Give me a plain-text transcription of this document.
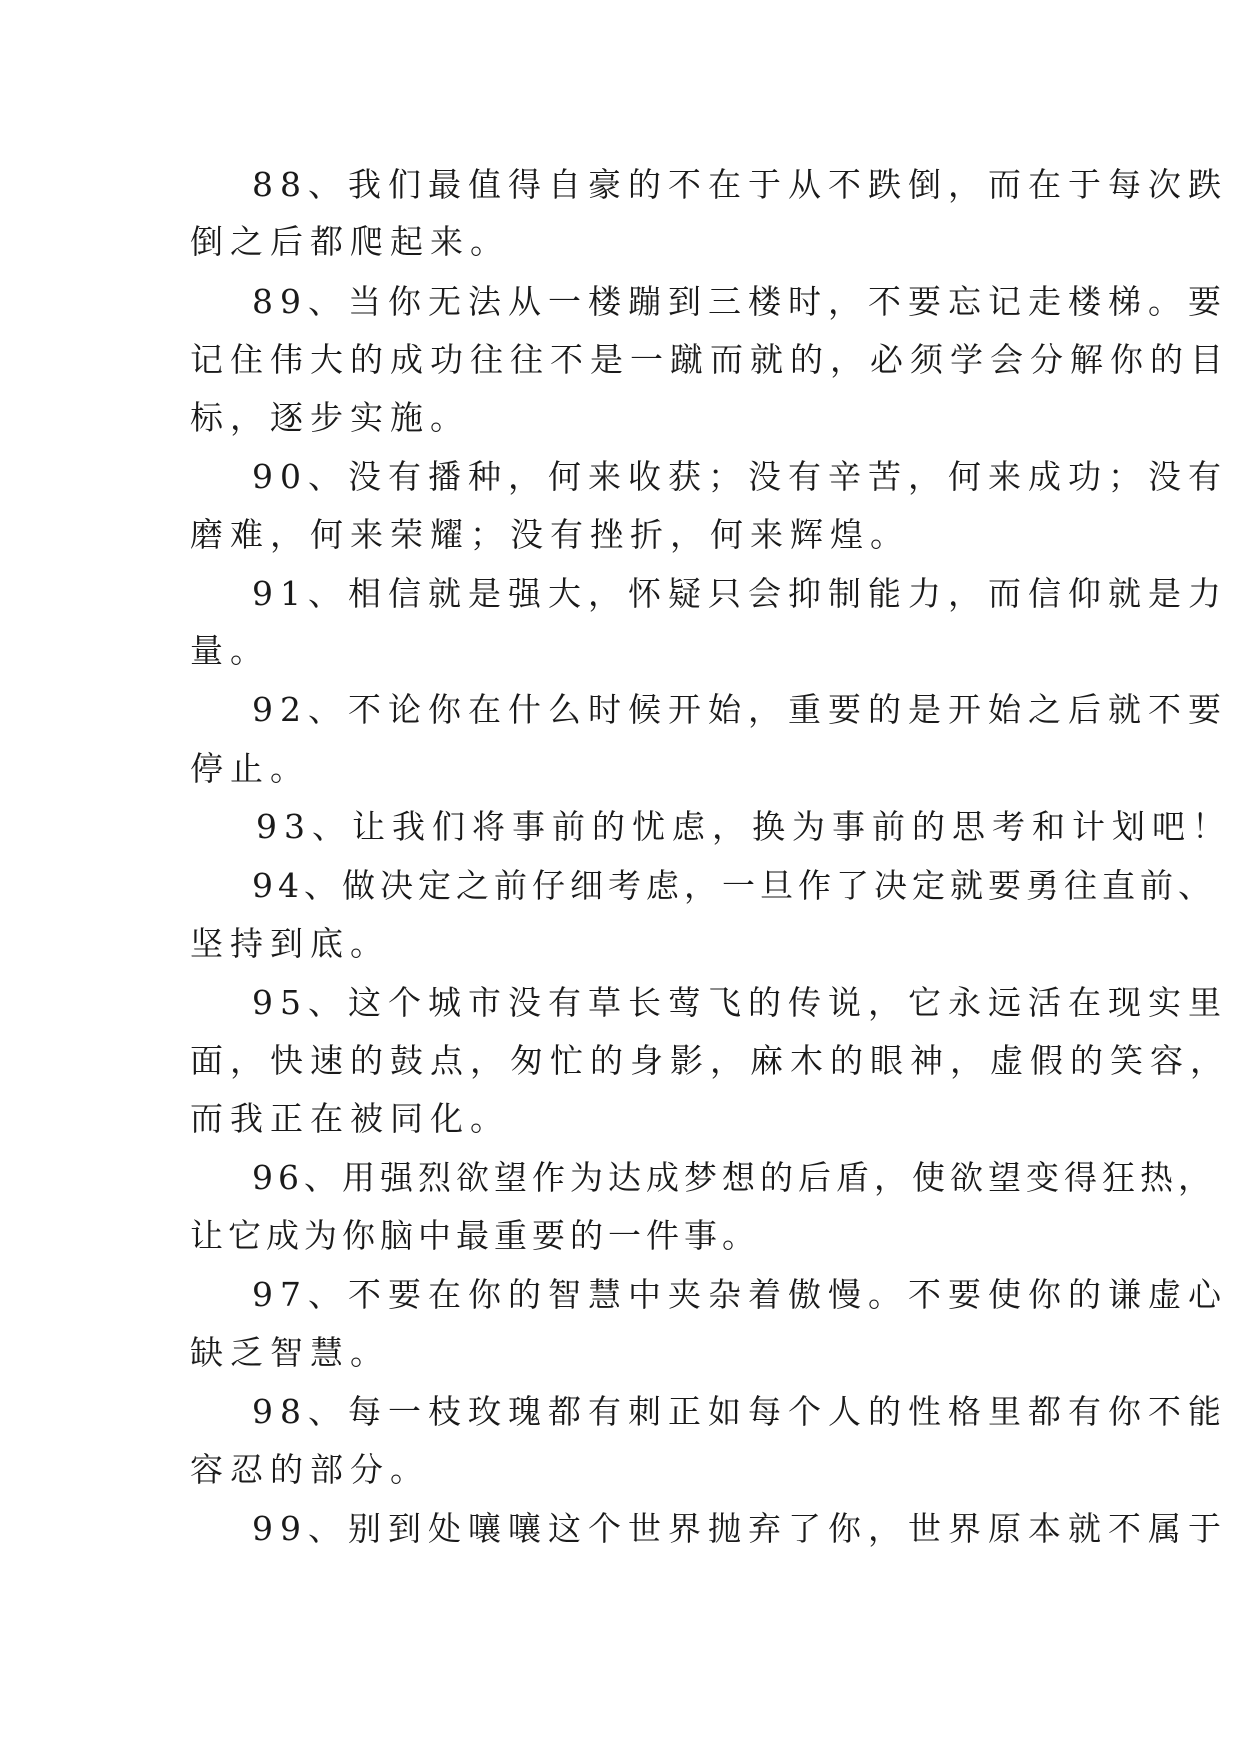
88、我们最值得自豪的不在于从不跌倒，而在于每次跌
倒之后都爬起来。
89、当你无法从一楼蹦到三楼时，不要忘记走楼梯。要
记住伟大的成功往往不是一蹴而就的，必须学会分解你的目
标，逐步实施。
90、没有播种，何来收获；没有辛苦，何来成功；没有
磨难，何来荣耀；没有挫折，何来辉煌。
91、相信就是强大，怀疑只会抑制能力，而信仰就是力
量。
92、不论你在什么时候开始，重要的是开始之后就不要
停止。
93、让我们将事前的忧虑，换为事前的思考和计划吧！
94、做决定之前仔细考虑，一旦作了决定就要勇往直前、
坚持到底。
95、这个城市没有草长莺飞的传说，它永远活在现实里
面，快速的鼓点，匆忙的身影，麻木的眼神，虚假的笑容，
而我正在被同化。
96、用强烈欲望作为达成梦想的后盾，使欲望变得狂热，
让它成为你脑中最重要的一件事。
97、不要在你的智慧中夹杂着傲慢。不要使你的谦虚心
缺乏智慧。
98、每一枝玫瑰都有刺正如每个人的性格里都有你不能
容忍的部分。
99、别到处嚷嚷这个世界抛弃了你，世界原本就不属于
